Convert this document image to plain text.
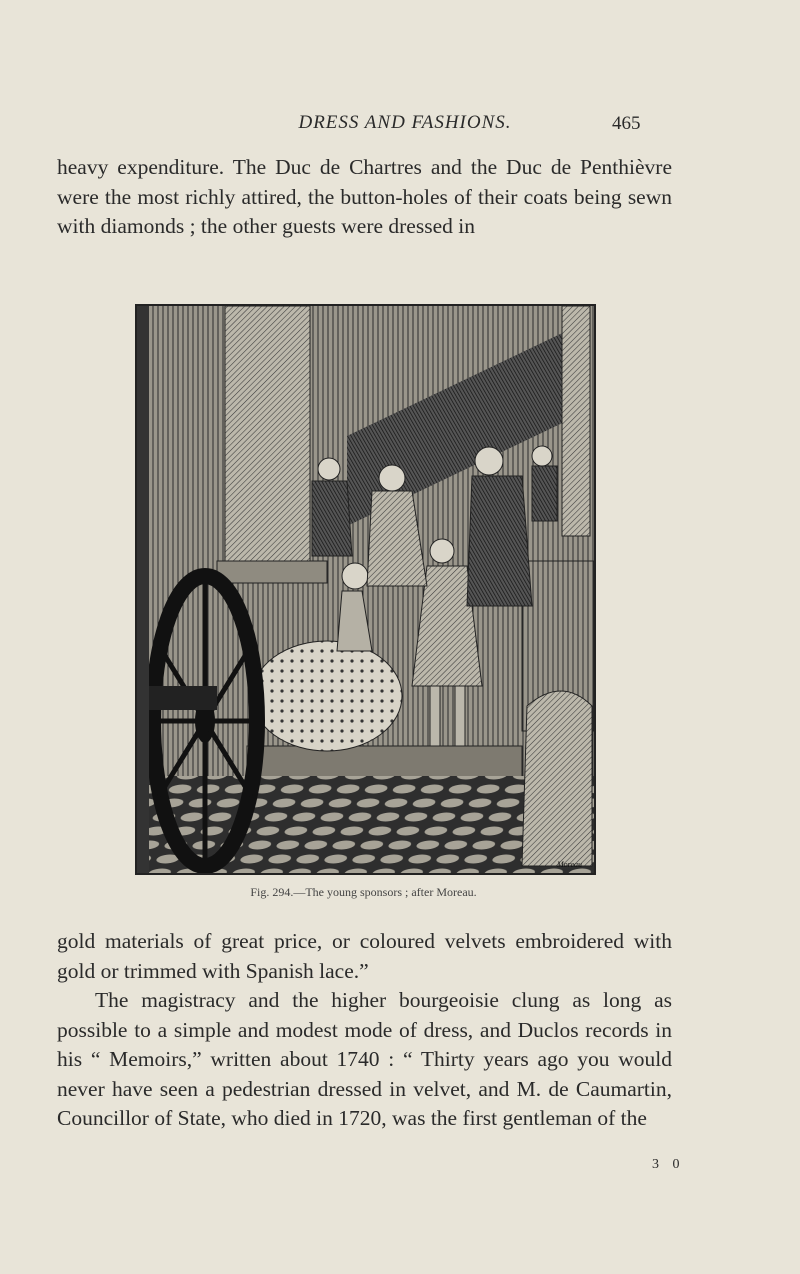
DRESS AND FASHIONS.	465

heavy expenditure. The Duc de Chartres and the Duc de Penthièvre were the most richly attired, the button-holes of their coats being sewn with diamonds ; the other guests were dressed in

Moreau
Fig. 294.—The young sponsors ; after Moreau.

gold materials of great price, or coloured velvets embroidered with gold or trimmed with Spanish lace.”

The magistracy and the higher bourgeoisie clung as long as possible to a simple and modest mode of dress, and Duclos records in his “ Memoirs,” written about 1740 : “ Thirty years ago you would never have seen a pedestrian dressed in velvet, and M. de Caumartin, Councillor of State, who died in 1720, was the first gentleman of the

3 0
